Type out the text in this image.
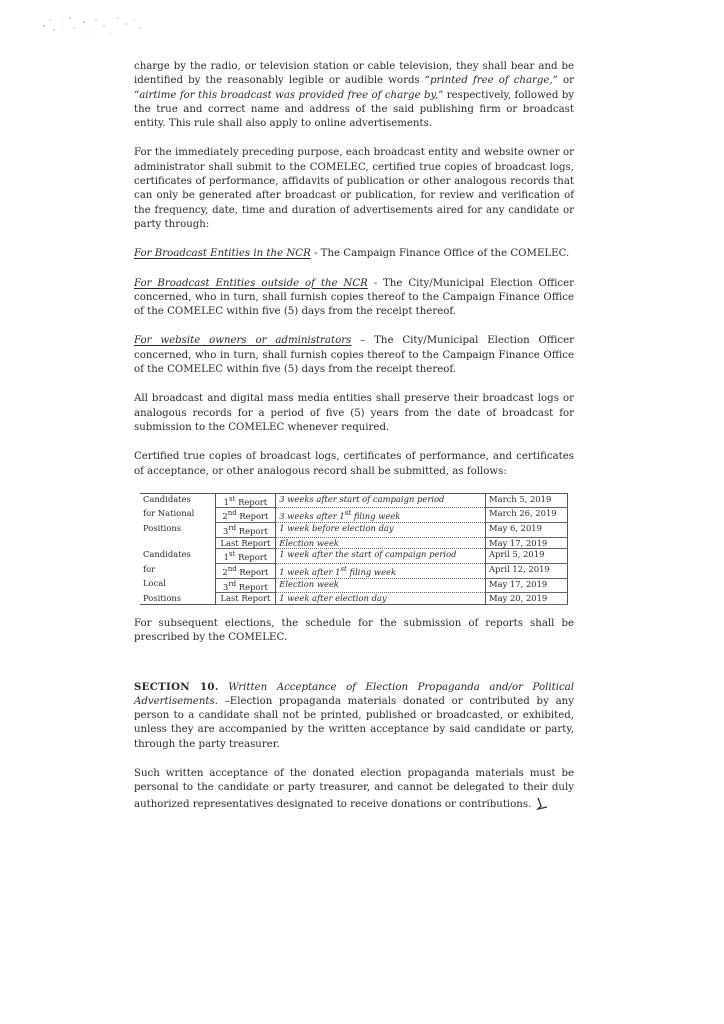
charge by the radio, or television station or cable television, they shall bear and be identified by the reasonably legible or audible words “printed free of charge,” or “airtime for this broadcast was provided free of charge by,” respectively, followed by the true and correct name and address of the said publishing firm or broadcast entity. This rule shall also apply to online advertisements.

For the immediately preceding purpose, each broadcast entity and website owner or administrator shall submit to the COMELEC, certified true copies of broadcast logs, certificates of performance, affidavits of publication or other analogous records that can only be generated after broadcast or publication, for review and verification of the frequency, date, time and duration of advertisements aired for any candidate or party through:

For Broadcast Entities in the NCR - The Campaign Finance Office of the COMELEC.

For Broadcast Entities outside of the NCR - The City/Municipal Election Officer concerned, who in turn, shall furnish copies thereof to the Campaign Finance Office of the COMELEC within five (5) days from the receipt thereof.

For website owners or administrators – The City/Municipal Election Officer concerned, who in turn, shall furnish copies thereof to the Campaign Finance Office of the COMELEC within five (5) days from the receipt thereof.

All broadcast and digital mass media entities shall preserve their broadcast logs or analogous records for a period of five (5) years from the date of broadcast for submission to the COMELEC whenever required.

Certified true copies of broadcast logs, certificates of performance, and certificates of acceptance, or other analogous record shall be submitted, as follows:

Candidates	1st Report	3 weeks after start of campaign period	March 5, 2019
for National	2nd Report	3 weeks after 1st filing week	March 26, 2019
Positions	3rd Report	1 week before election day	May 6, 2019
	Last Report	Election week	May 17, 2019
Candidates	1st Report	1 week after the start of campaign period	April 5, 2019
for	2nd Report	1 week after 1st filing week	April 12, 2019
Local	3rd Report	Election week	May 17, 2019
Positions	Last Report	1 week after election day	May 20, 2019

For subsequent elections, the schedule for the submission of reports shall be prescribed by the COMELEC.

SECTION 10. Written Acceptance of Election Propaganda and/or Political Advertisements. –Election propaganda materials donated or contributed by any person to a candidate shall not be printed, published or broadcasted, or exhibited, unless they are accompanied by the written acceptance by said candidate or party, through the party treasurer.

Such written acceptance of the donated election propaganda materials must be personal to the candidate or party treasurer, and cannot be delegated to their duly authorized representatives designated to receive donations or contributions.
